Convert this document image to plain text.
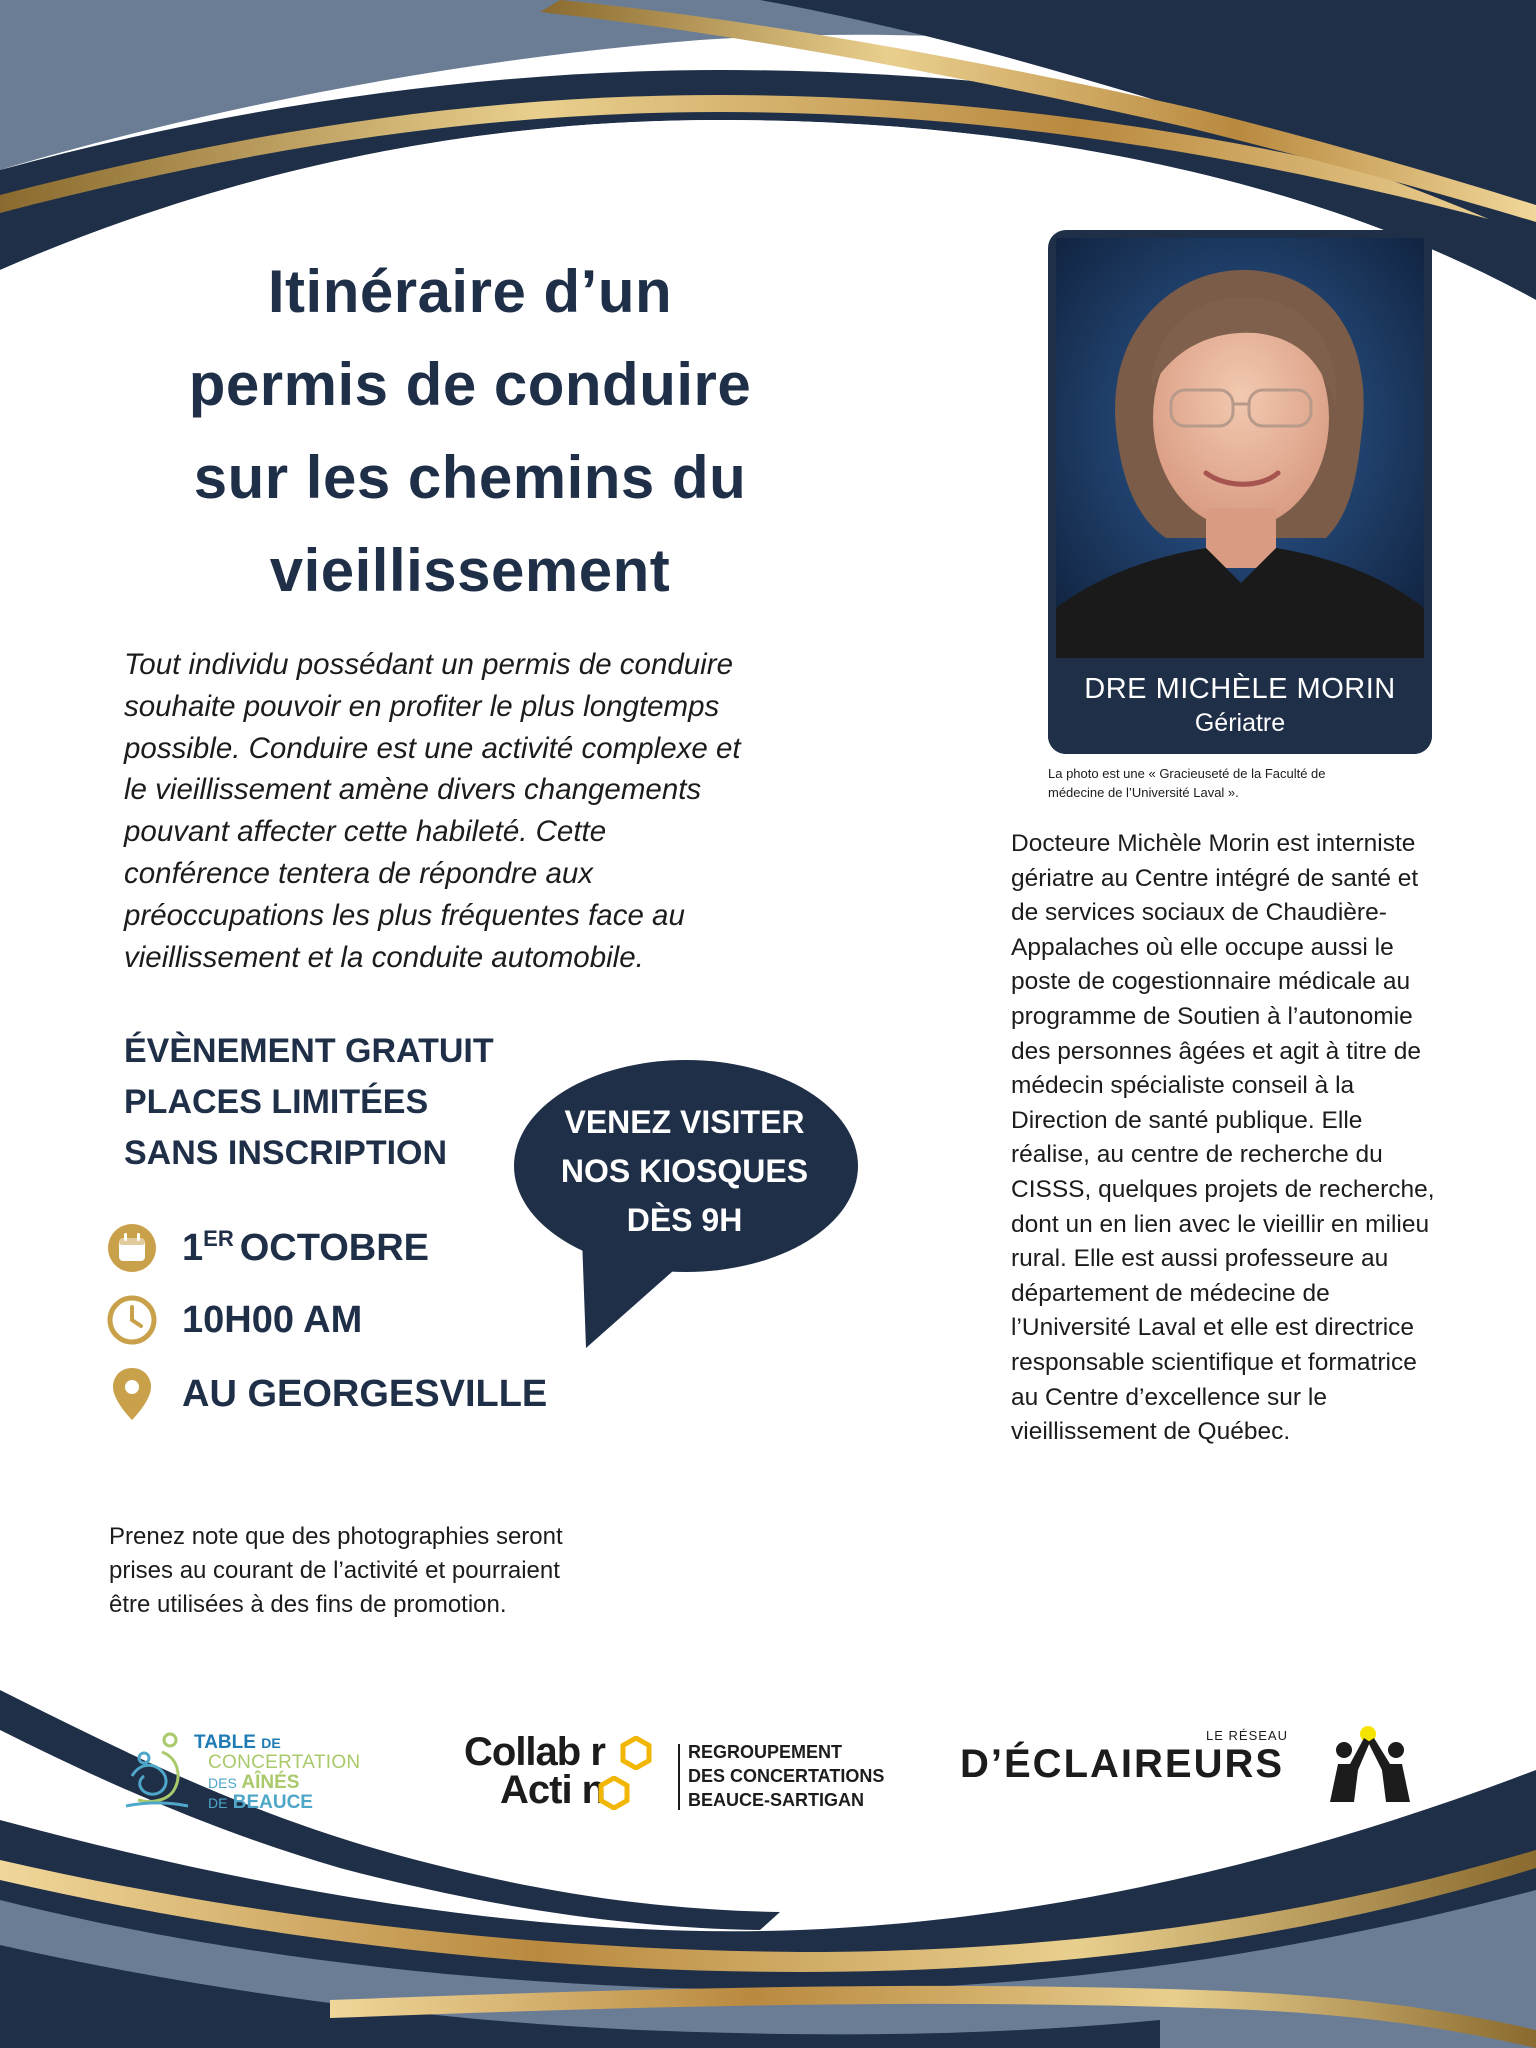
Itinéraire d’un
permis de conduire
sur les chemins du
vieillissement

Tout individu possédant un permis de conduire
souhaite pouvoir en profiter le plus longtemps
possible. Conduire est une activité complexe et
le vieillissement amène divers changements
pouvant affecter cette habileté. Cette
conférence tentera de répondre aux
préoccupations les plus fréquentes face au
vieillissement et la conduite automobile.

ÉVÈNEMENT GRATUIT
PLACES LIMITÉES
SANS INSCRIPTION

1ER OCTOBRE
10H00 AM
AU GEORGESVILLE
VENEZ VISITER
NOS KIOSQUES
DÈS 9H

Prenez note que des photographies seront
prises au courant de l’activité et pourraient
être utilisées à des fins de promotion.

DRE MICHÈLE MORIN
Gériatre

La photo est une « Gracieuseté de la Faculté de
médecine de l’Université Laval ».

Docteure Michèle Morin est interniste
gériatre au Centre intégré de santé et
de services sociaux de Chaudière-
Appalaches où elle occupe aussi le
poste de cogestionnaire médicale au
programme de Soutien à l’autonomie
des personnes âgées et agit à titre de
médecin spécialiste conseil à la
Direction de santé publique. Elle
réalise, au centre de recherche du
CISSS, quelques projets de recherche,
dont un en lien avec le vieillir en milieu
rural. Elle est aussi professeure au
département de médecine de
l’Université Laval et elle est directrice
responsable scientifique et formatrice
au Centre d’excellence sur le
vieillissement de Québec.

TABLE DE
CONCERTATION
DES AÎNÉS
DE BEAUCE
Collab r
Acti n
REGROUPEMENT
DES CONCERTATIONS
BEAUCE-SARTIGAN
LE RÉSEAU
D’ÉCLAIREURS
